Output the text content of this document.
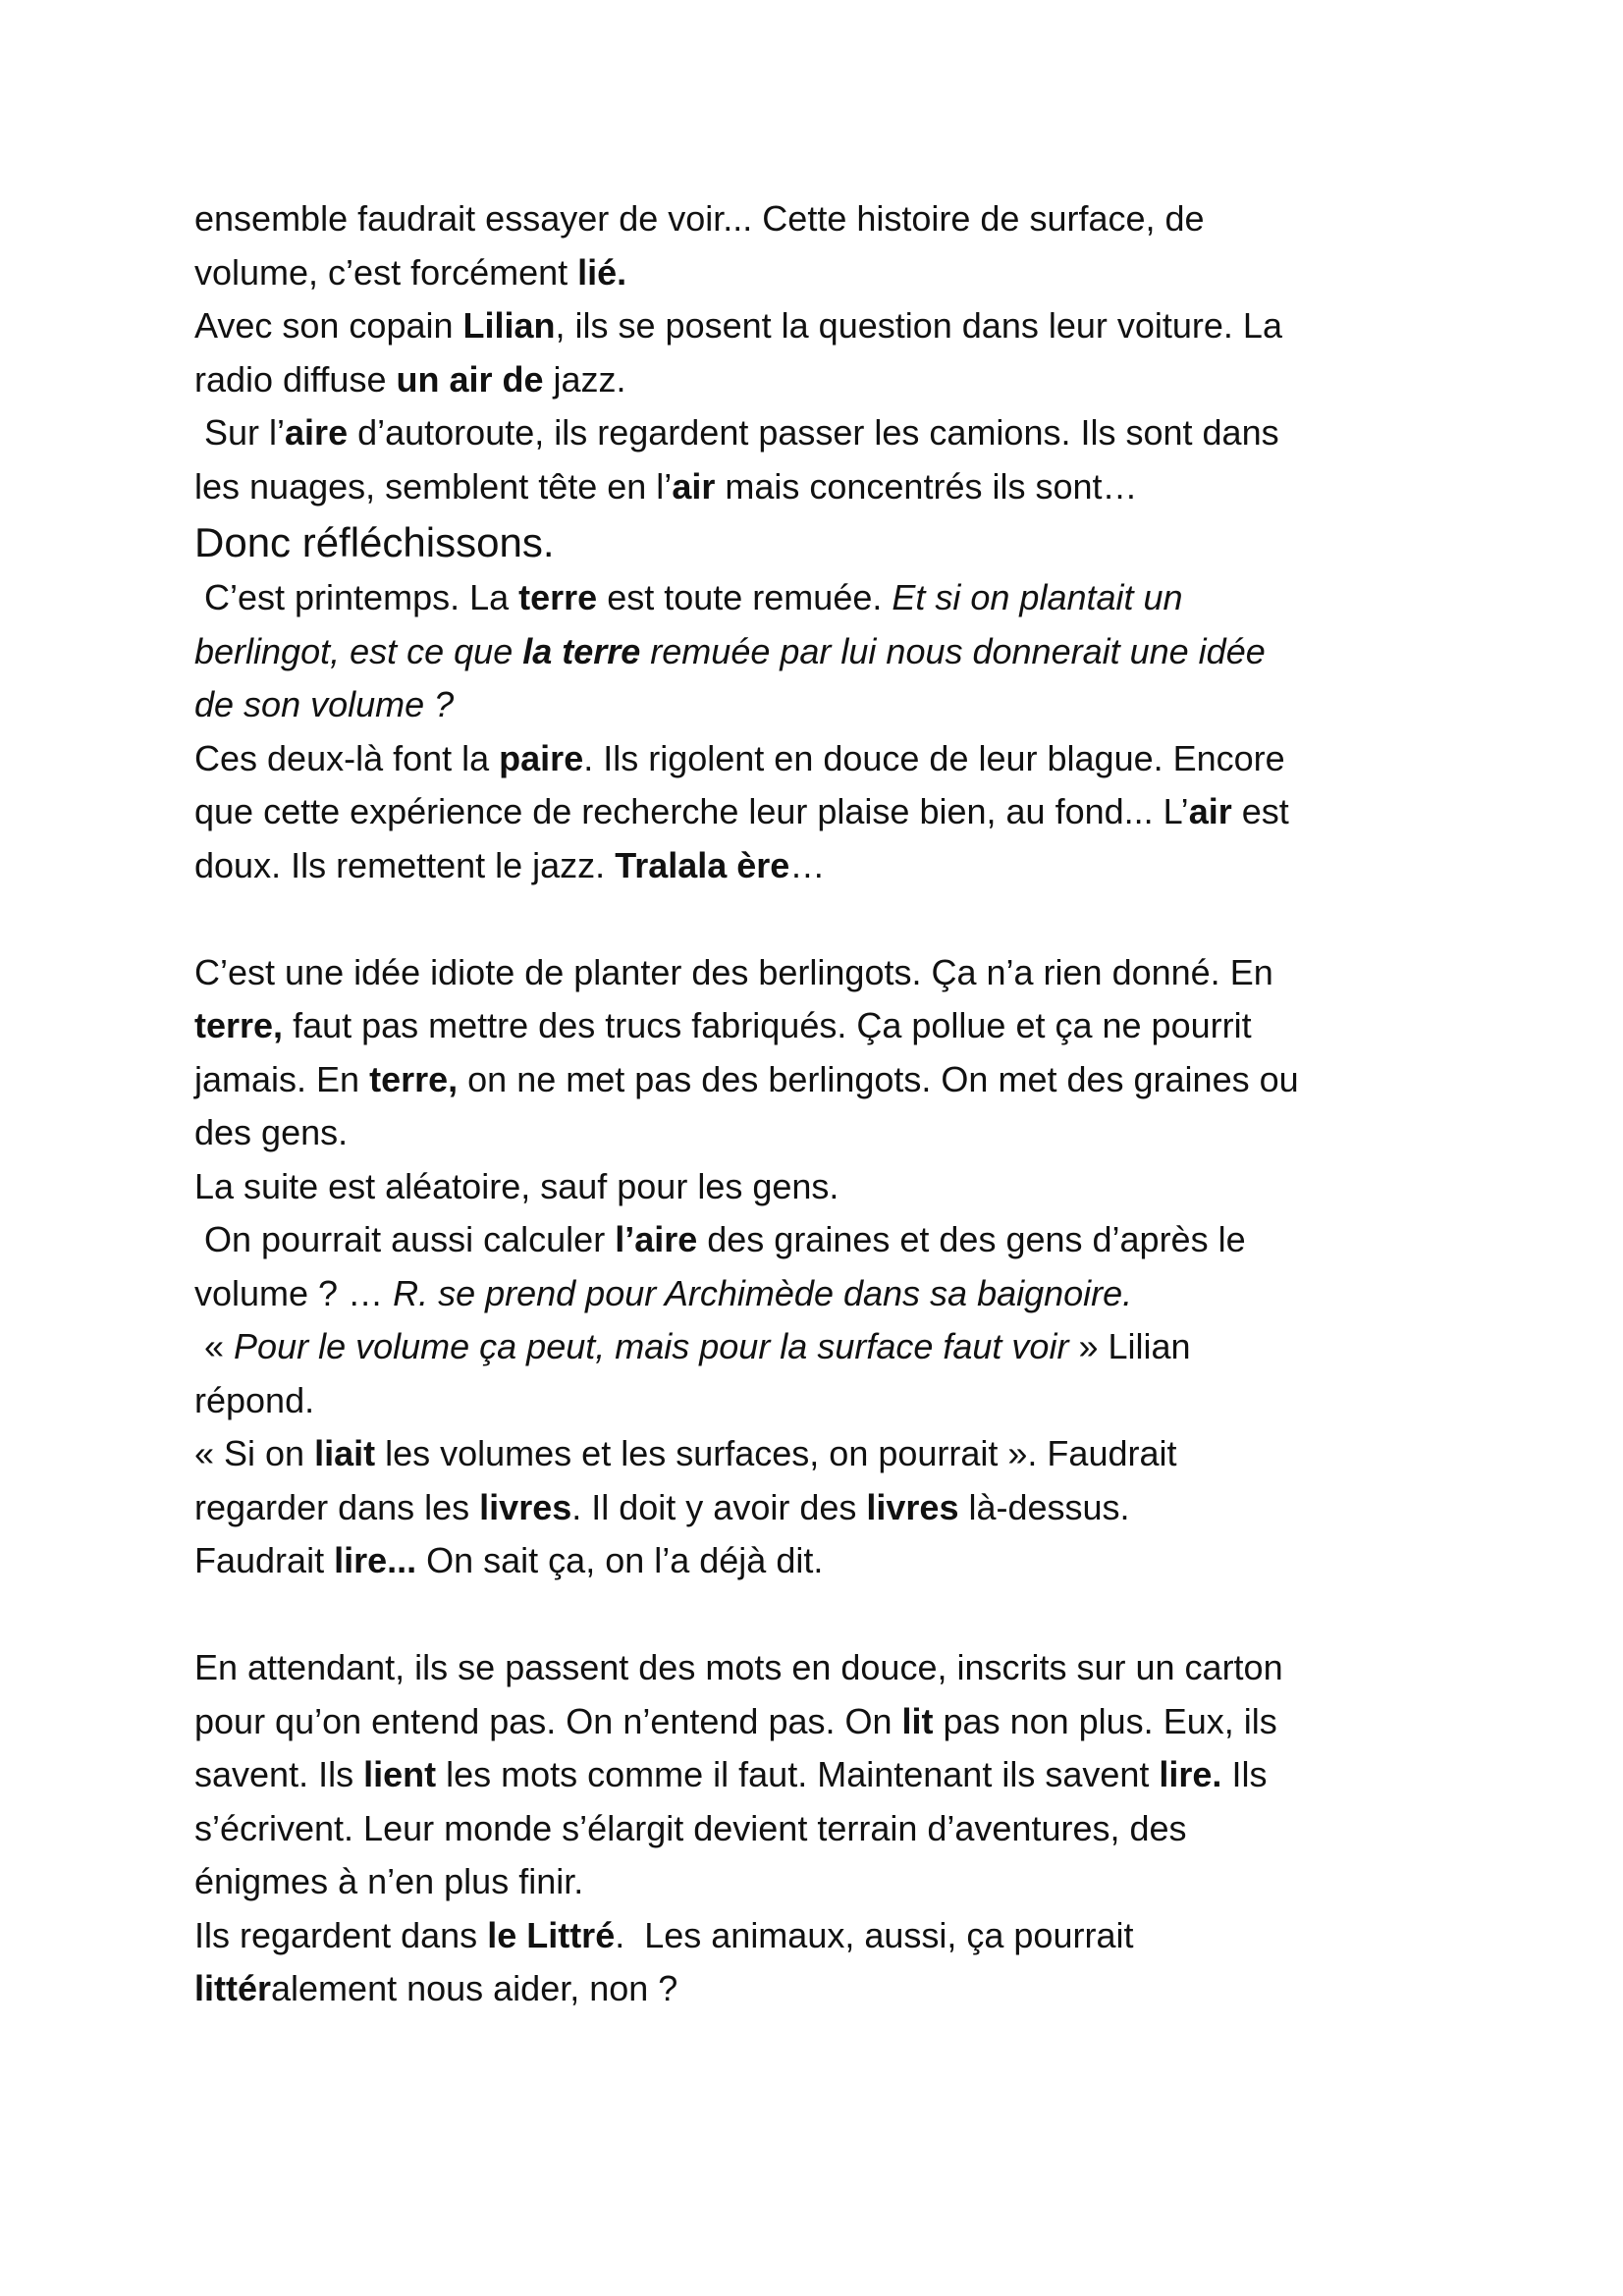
ensemble faudrait essayer de voir... Cette histoire de surface, de
volume, c’est forcément lié.
Avec son copain Lilian, ils se posent la question dans leur voiture. La
radio diffuse un air de jazz.
Sur l’aire d’autoroute, ils regardent passer les camions. Ils sont dans
les nuages, semblent tête en l’air mais concentrés ils sont…
Donc réfléchissons.
C’est printemps. La terre est toute remuée. Et si on plantait un
berlingot, est ce que la terre remuée par lui nous donnerait une idée
de son volume ?
Ces deux-là font la paire. Ils rigolent en douce de leur blague. Encore
que cette expérience de recherche leur plaise bien, au fond... L’air est
doux. Ils remettent le jazz. Tralala ère…
C’est une idée idiote de planter des berlingots. Ça n’a rien donné. En
terre, faut pas mettre des trucs fabriqués. Ça pollue et ça ne pourrit
jamais. En terre, on ne met pas des berlingots. On met des graines ou
des gens.
La suite est aléatoire, sauf pour les gens.
On pourrait aussi calculer l’aire des graines et des gens d’après le
volume ? … R. se prend pour Archimède dans sa baignoire.
« Pour le volume ça peut, mais pour la surface faut voir » Lilian
répond.
« Si on liait les volumes et les surfaces, on pourrait ». Faudrait
regarder dans les livres. Il doit y avoir des livres là-dessus.
Faudrait lire... On sait ça, on l’a déjà dit.
En attendant, ils se passent des mots en douce, inscrits sur un carton
pour qu’on entend pas. On n’entend pas. On lit pas non plus. Eux, ils
savent. Ils lient les mots comme il faut. Maintenant ils savent lire. Ils
s’écrivent. Leur monde s’élargit devient terrain d’aventures, des
énigmes à n’en plus finir.
Ils regardent dans le Littré.  Les animaux, aussi, ça pourrait
littéralement nous aider, non ?
